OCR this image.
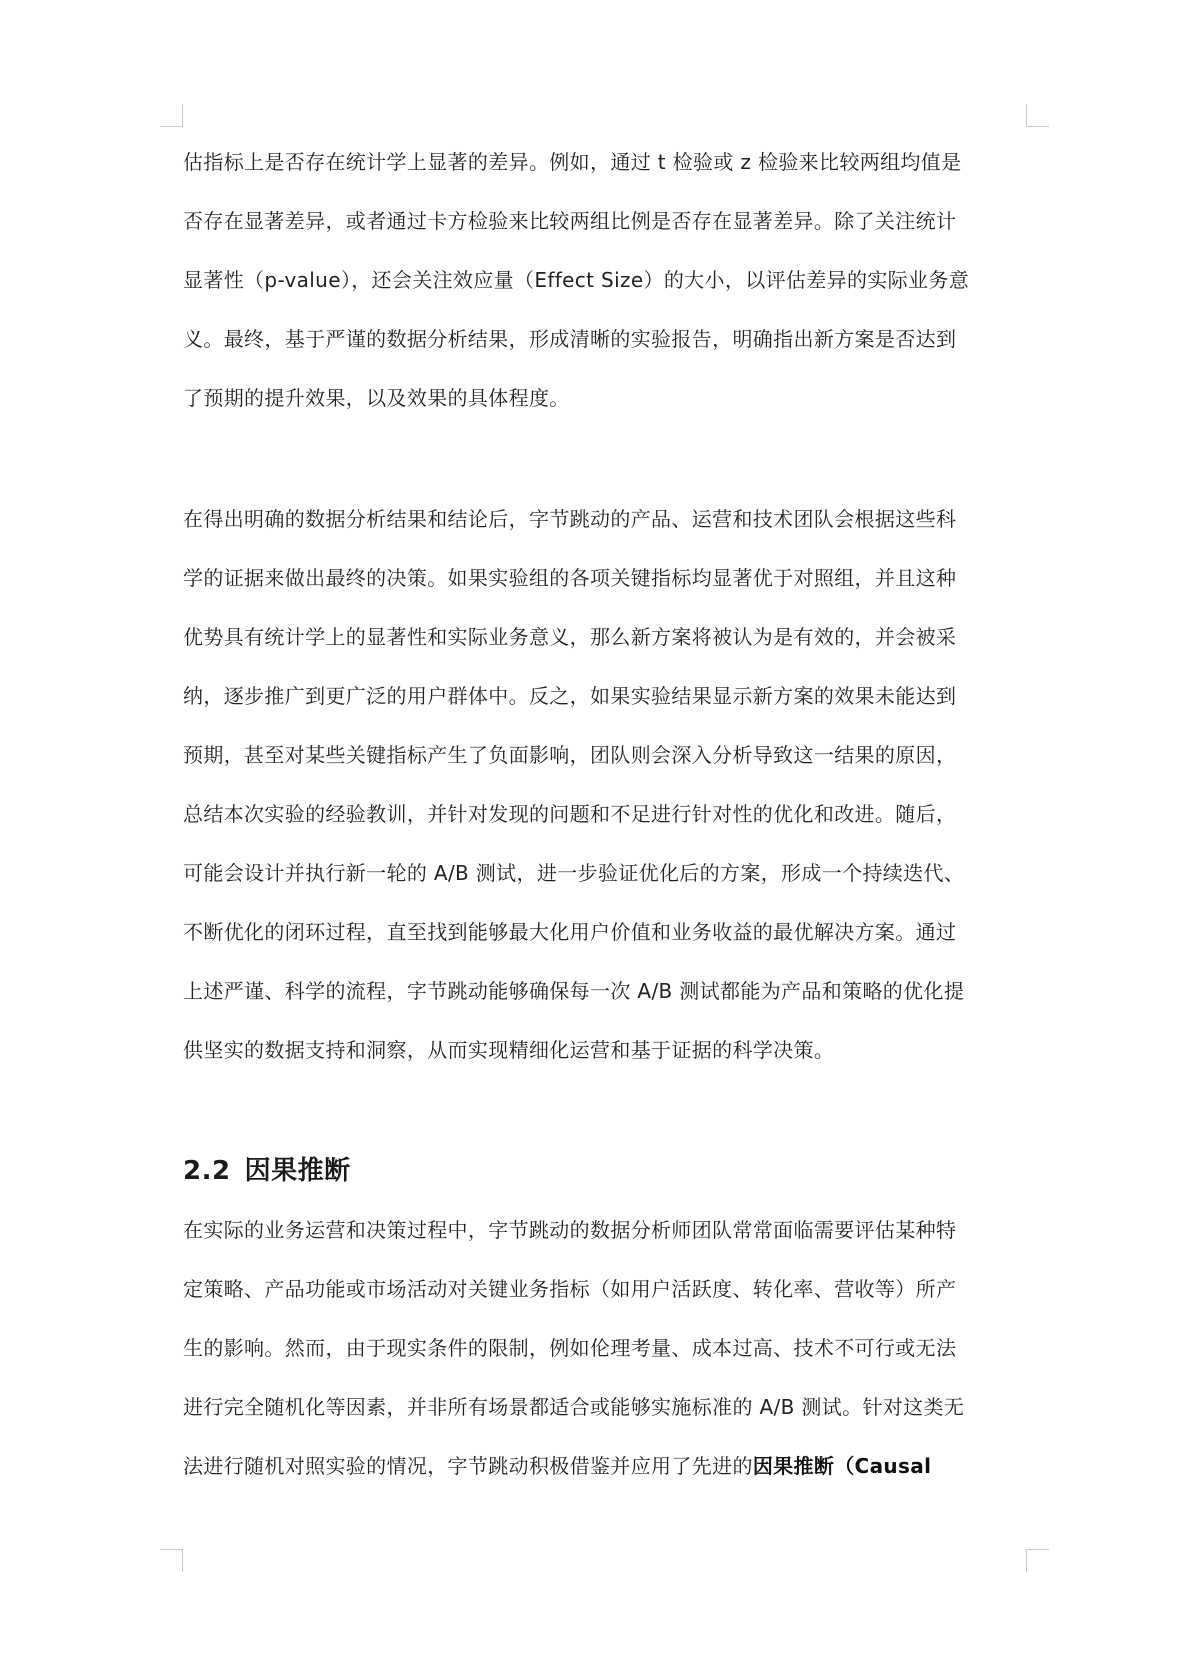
估指标上是否存在统计学上显著的差异。例如，通过 t 检验或 z 检验来比较两组均值是
否存在显著差异，或者通过卡方检验来比较两组比例是否存在显著差异。除了关注统计
显著性（p-value），还会关注效应量（Effect Size）的大小，以评估差异的实际业务意
义。最终，基于严谨的数据分析结果，形成清晰的实验报告，明确指出新方案是否达到
了预期的提升效果，以及效果的具体程度。

在得出明确的数据分析结果和结论后，字节跳动的产品、运营和技术团队会根据这些科
学的证据来做出最终的决策。如果实验组的各项关键指标均显著优于对照组，并且这种
优势具有统计学上的显著性和实际业务意义，那么新方案将被认为是有效的，并会被采
纳，逐步推广到更广泛的用户群体中。反之，如果实验结果显示新方案的效果未能达到
预期，甚至对某些关键指标产生了负面影响，团队则会深入分析导致这一结果的原因，
总结本次实验的经验教训，并针对发现的问题和不足进行针对性的优化和改进。随后，
可能会设计并执行新一轮的 A/B 测试，进一步验证优化后的方案，形成一个持续迭代、
不断优化的闭环过程，直至找到能够最大化用户价值和业务收益的最优解决方案。通过
上述严谨、科学的流程，字节跳动能够确保每一次 A/B 测试都能为产品和策略的优化提
供坚实的数据支持和洞察，从而实现精细化运营和基于证据的科学决策。

2.2 因果推断

在实际的业务运营和决策过程中，字节跳动的数据分析师团队常常面临需要评估某种特
定策略、产品功能或市场活动对关键业务指标（如用户活跃度、转化率、营收等）所产
生的影响。然而，由于现实条件的限制，例如伦理考量、成本过高、技术不可行或无法
进行完全随机化等因素，并非所有场景都适合或能够实施标准的 A/B 测试。针对这类无
法进行随机对照实验的情况，字节跳动积极借鉴并应用了先进的因果推断（Causal
